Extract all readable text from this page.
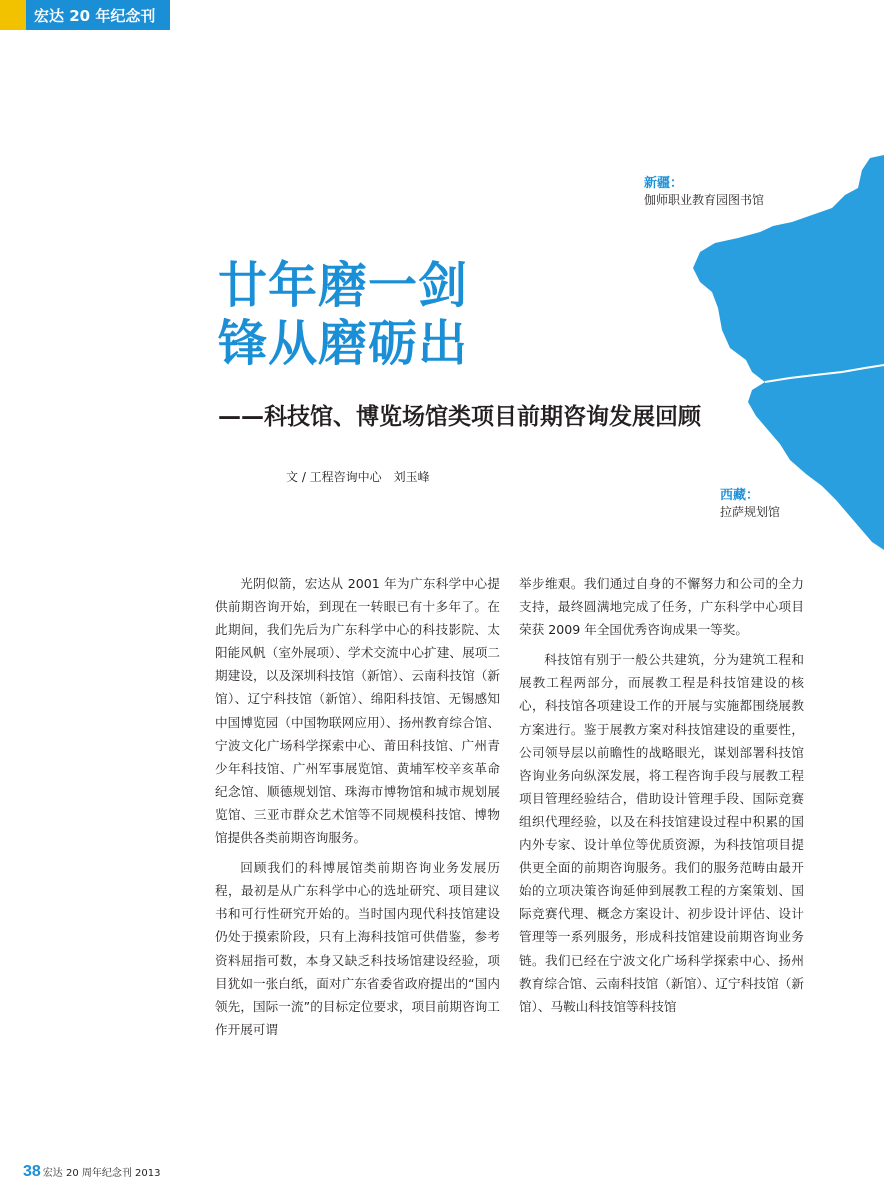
宏达 20 年纪念刊
新疆：
伽师职业教育园图书馆
西藏：
拉萨规划馆
廿年磨一剑
锋从磨砺出
——科技馆、博览场馆类项目前期咨询发展回顾
文 / 工程咨询中心　刘玉峰

光阴似箭，宏达从 2001 年为广东科学中心提供前期咨询开始，到现在一转眼已有十多年了。在此期间，我们先后为广东科学中心的科技影院、太阳能风帆（室外展项）、学术交流中心扩建、展项二期建设，以及深圳科技馆（新馆）、云南科技馆（新馆）、辽宁科技馆（新馆）、绵阳科技馆、无锡感知中国博览园（中国物联网应用）、扬州教育综合馆、宁波文化广场科学探索中心、莆田科技馆、广州青少年科技馆、广州军事展览馆、黄埔军校辛亥革命纪念馆、顺德规划馆、珠海市博物馆和城市规划展览馆、三亚市群众艺术馆等不同规模科技馆、博物馆提供各类前期咨询服务。

回顾我们的科博展馆类前期咨询业务发展历程，最初是从广东科学中心的选址研究、项目建议书和可行性研究开始的。当时国内现代科技馆建设仍处于摸索阶段，只有上海科技馆可供借鉴，参考资料屈指可数，本身又缺乏科技场馆建设经验，项目犹如一张白纸，面对广东省委省政府提出的“国内领先，国际一流”的目标定位要求，项目前期咨询工作开展可谓

举步维艰。我们通过自身的不懈努力和公司的全力支持，最终圆满地完成了任务，广东科学中心项目荣获 2009 年全国优秀咨询成果一等奖。

科技馆有别于一般公共建筑，分为建筑工程和展教工程两部分，而展教工程是科技馆建设的核心，科技馆各项建设工作的开展与实施都围绕展教方案进行。鉴于展教方案对科技馆建设的重要性，公司领导层以前瞻性的战略眼光，谋划部署科技馆咨询业务向纵深发展，将工程咨询手段与展教工程项目管理经验结合，借助设计管理手段、国际竞赛组织代理经验，以及在科技馆建设过程中积累的国内外专家、设计单位等优质资源，为科技馆项目提供更全面的前期咨询服务。我们的服务范畴由最开始的立项决策咨询延伸到展教工程的方案策划、国际竞赛代理、概念方案设计、初步设计评估、设计管理等一系列服务，形成科技馆建设前期咨询业务链。我们已经在宁波文化广场科学探索中心、扬州教育综合馆、云南科技馆（新馆）、辽宁科技馆（新馆）、马鞍山科技馆等科技馆

38 宏达 20 周年纪念刊 2013
